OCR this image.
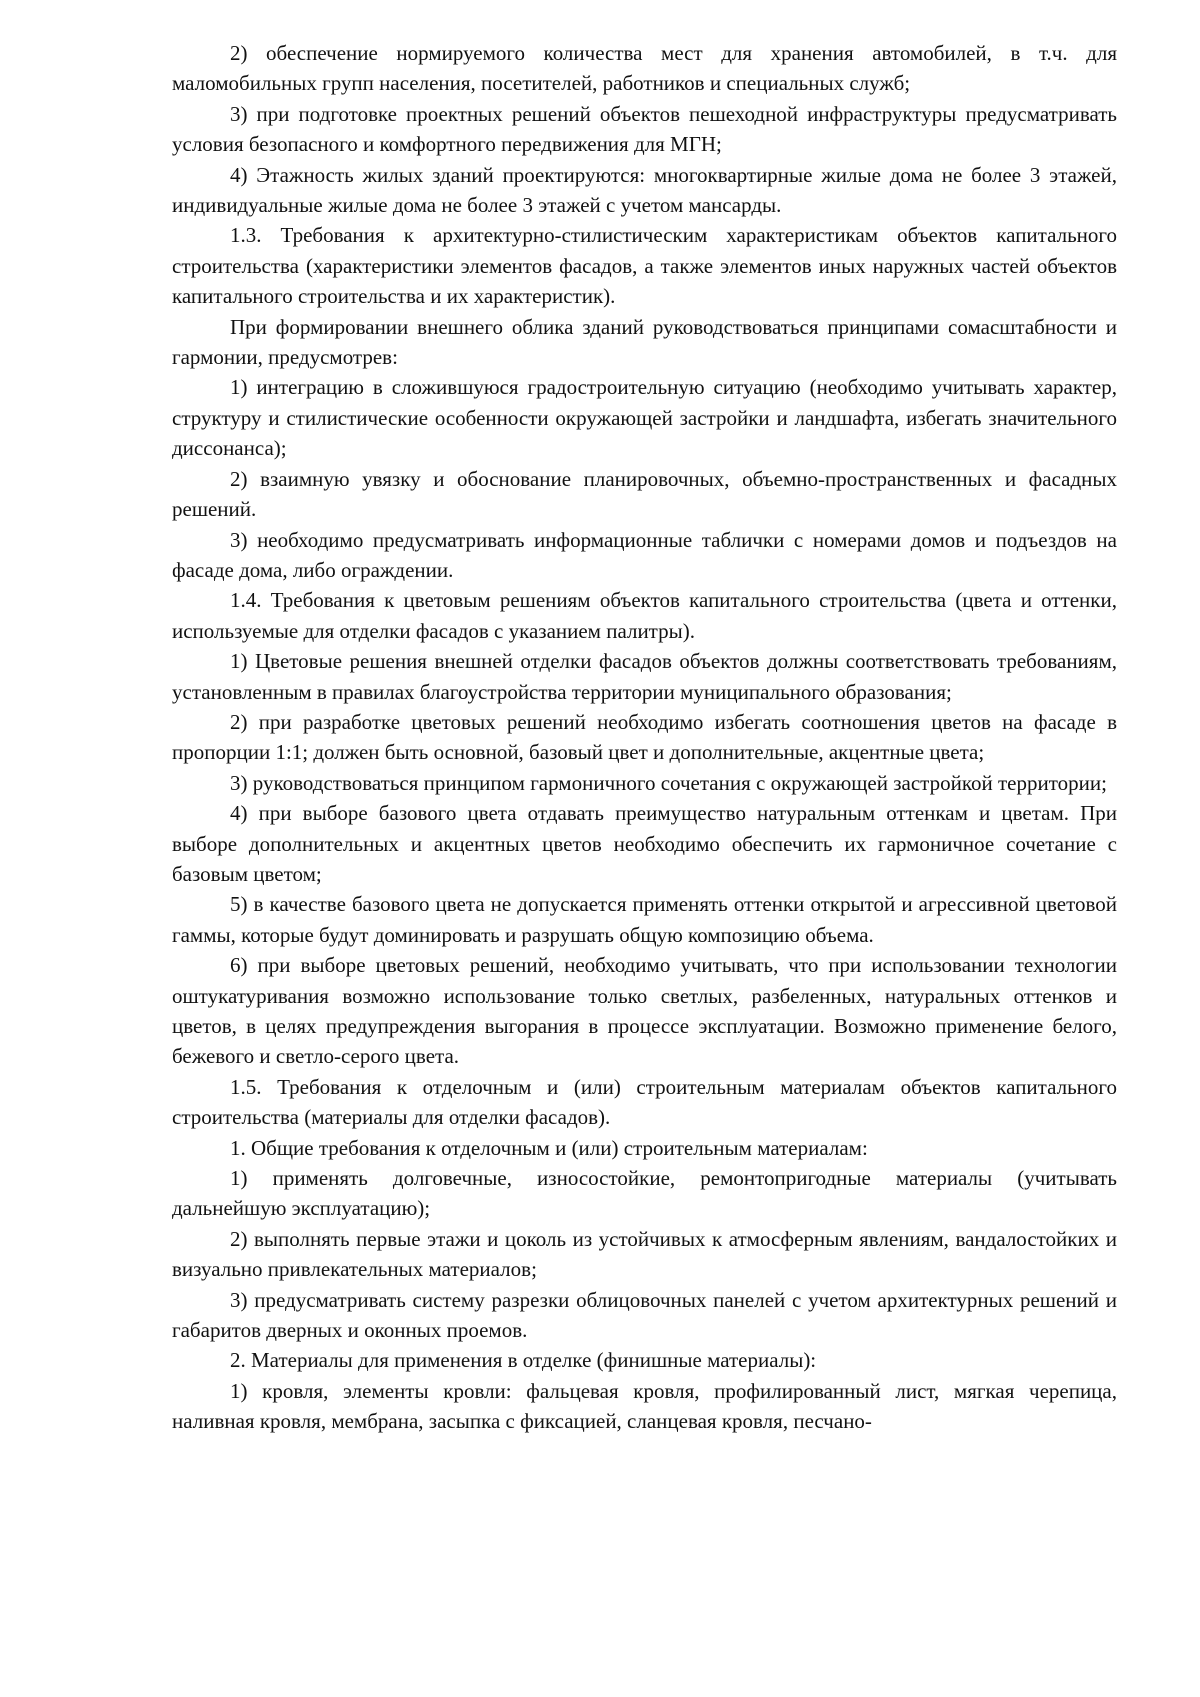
2) обеспечение нормируемого количества мест для хранения автомобилей, в т.ч. для маломобильных групп населения, посетителей, работников и специальных служб;

3) при подготовке проектных решений объектов пешеходной инфраструктуры предусматривать условия безопасного и комфортного передвижения для МГН;

4) Этажность жилых зданий проектируются: многоквартирные жилые дома не более 3 этажей, индивидуальные жилые дома не более 3 этажей с учетом мансарды.

1.3. Требования к архитектурно-стилистическим характеристикам объектов капитального строительства (характеристики элементов фасадов, а также элементов иных наружных частей объектов капитального строительства и их характеристик).

При формировании внешнего облика зданий руководствоваться принципами сомасштабности и гармонии, предусмотрев:

1) интеграцию в сложившуюся градостроительную ситуацию (необходимо учитывать характер, структуру и стилистические особенности окружающей застройки и ландшафта, избегать значительного диссонанса);

2) взаимную увязку и обоснование планировочных, объемно-пространственных и фасадных решений.

3) необходимо предусматривать информационные таблички с номерами домов и подъездов на фасаде дома, либо ограждении.

1.4. Требования к цветовым решениям объектов капитального строительства (цвета и оттенки, используемые для отделки фасадов с указанием палитры).

1) Цветовые решения внешней отделки фасадов объектов должны соответствовать требованиям, установленным в правилах благоустройства территории муниципального образования;

2) при разработке цветовых решений необходимо избегать соотношения цветов на фасаде в пропорции 1:1; должен быть основной, базовый цвет и дополнительные, акцентные цвета;

3) руководствоваться принципом гармоничного сочетания с окружающей застройкой территории;

4) при выборе базового цвета отдавать преимущество натуральным оттенкам и цветам. При выборе дополнительных и акцентных цветов необходимо обеспечить их гармоничное сочетание с базовым цветом;

5) в качестве базового цвета не допускается применять оттенки открытой и агрессивной цветовой гаммы, которые будут доминировать и разрушать общую композицию объема.

6) при выборе цветовых решений, необходимо учитывать, что при использовании технологии оштукатуривания возможно использование только светлых, разбеленных, натуральных оттенков и цветов, в целях предупреждения выгорания в процессе эксплуатации. Возможно применение белого, бежевого и светло-серого цвета.

1.5. Требования к отделочным и (или) строительным материалам объектов капитального строительства (материалы для отделки фасадов).

1. Общие требования к отделочным и (или) строительным материалам:

1) применять долговечные, износостойкие, ремонтопригодные материалы (учитывать дальнейшую эксплуатацию);

2) выполнять первые этажи и цоколь из устойчивых к атмосферным явлениям, вандалостойких и визуально привлекательных материалов;

3) предусматривать систему разрезки облицовочных панелей с учетом архитектурных решений и габаритов дверных и оконных проемов.

2. Материалы для применения в отделке (финишные материалы):

1) кровля, элементы кровли: фальцевая кровля, профилированный лист, мягкая черепица, наливная кровля, мембрана, засыпка с фиксацией, сланцевая кровля, песчано-
